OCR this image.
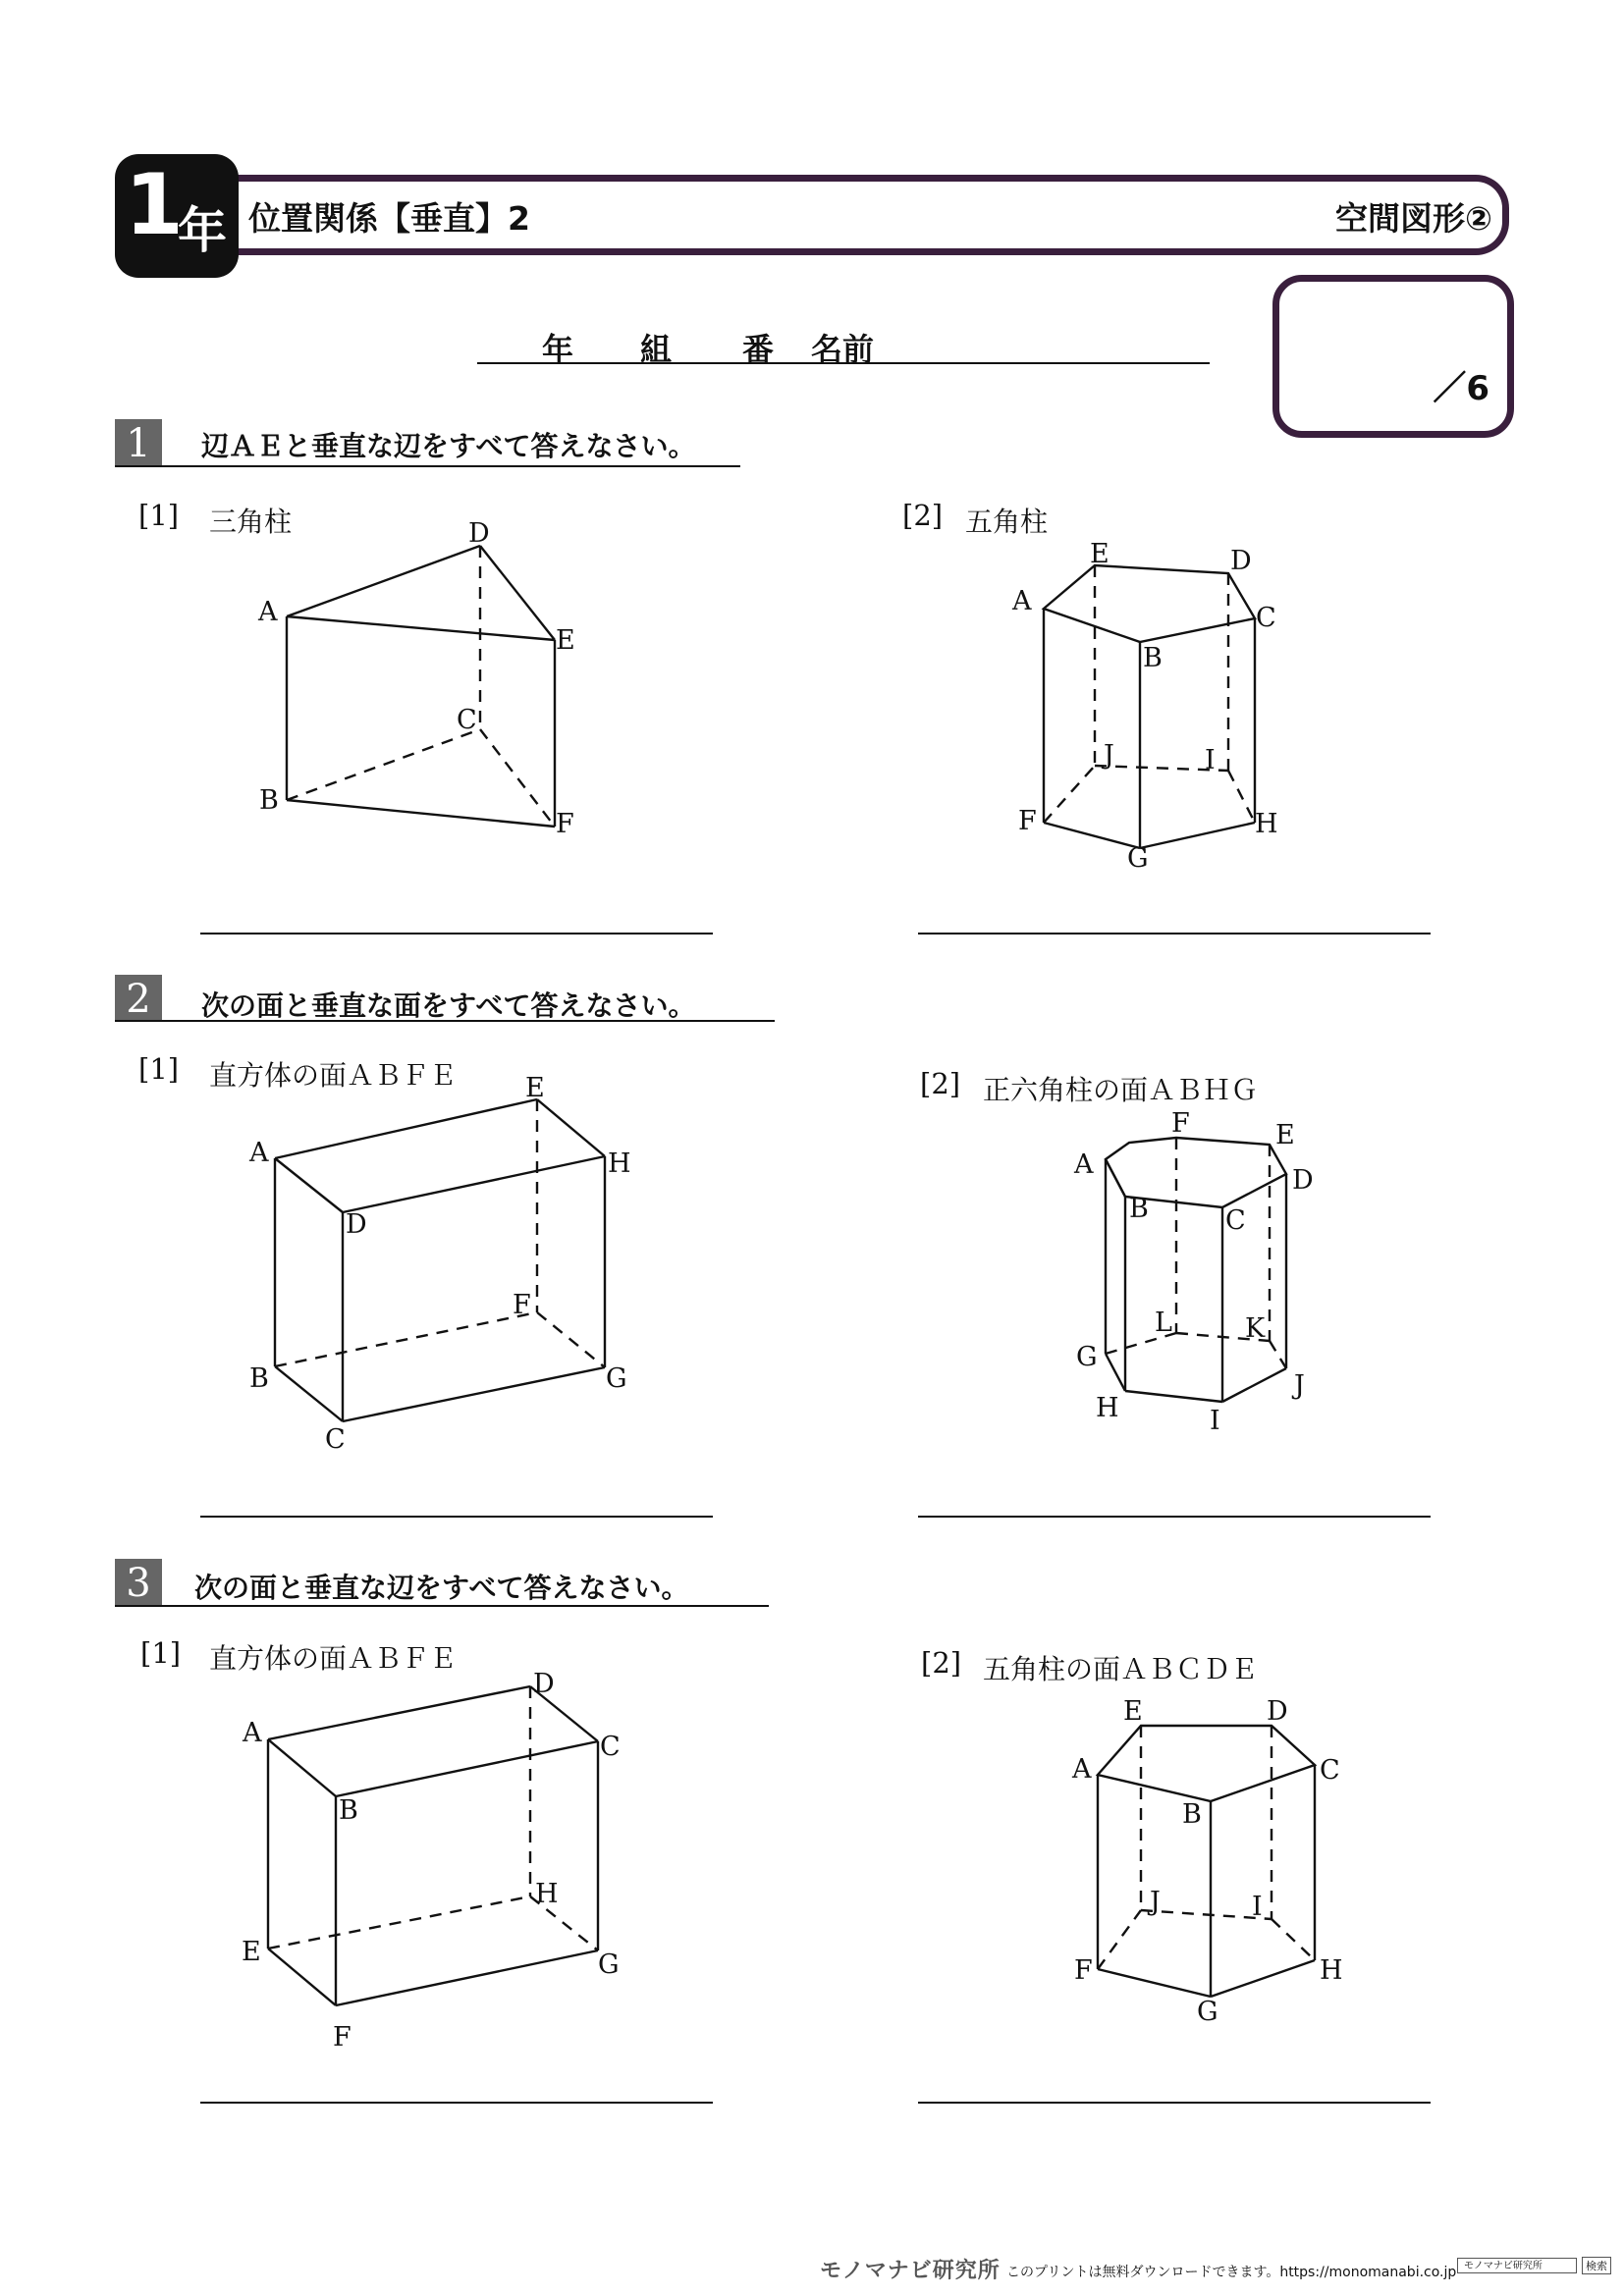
1
年 位置関係【垂直】2	空間図形②
年 組 番 名前
／6
1	辺ＡＥと垂直な辺をすべて答えなさい。
[1] 三角柱	[2] 五角柱
D
A
E
C
B
F
E	D
A
C
B
J	I
F	H
G
2	次の面と垂直な面をすべて答えなさい。
[1] 直方体の面ＡＢＦＥ	[2] 正六角柱の面ＡＢＨＧ
E
A	H
D
F
B	G
C
F	E
A
D
B	C
L	K
G
J
H	I
3	次の面と垂直な辺をすべて答えなさい。
[1] 直方体の面ＡＢＦＥ	[2] 五角柱の面ＡＢＣＤＥ
D
A	C
B
H
E	G
F
E	D
A	C
B
J	I
F	H
G
モノマナビ研究所 このプリントは無料ダウンロードできます。https://monomanabi.co.jp モノマナビ研究所	検索
